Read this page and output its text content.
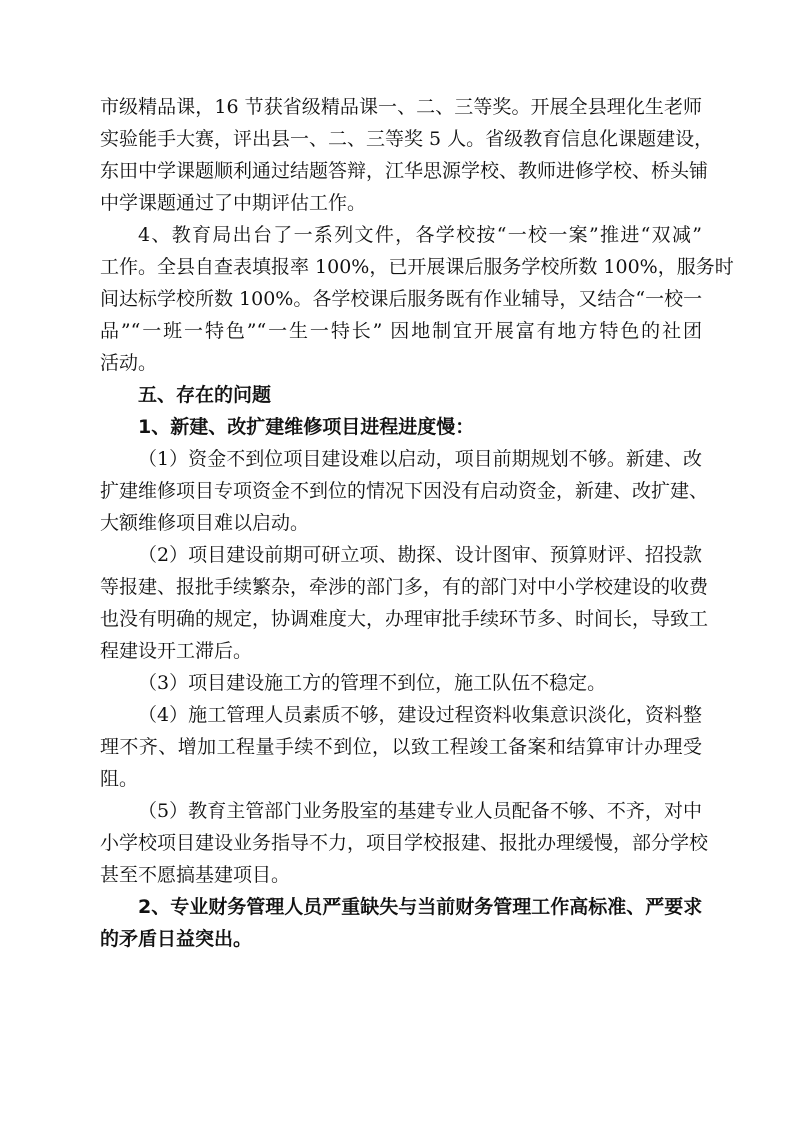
市级精品课，16 节获省级精品课一、二、三等奖。开展全县理化生老师
实验能手大赛，评出县一、二、三等奖 5 人。省级教育信息化课题建设，
东田中学课题顺利通过结题答辩，江华思源学校、教师进修学校、桥头铺
中学课题通过了中期评估工作。
4、教育局出台了一系列文件，各学校按“一校一案”推进“双减”
工作。全县自查表填报率 100%，已开展课后服务学校所数 100%，服务时
间达标学校所数 100%。各学校课后服务既有作业辅导，又结合“一校一
品”“一班一特色”“一生一特长” 因地制宜开展富有地方特色的社团
活动。
五、存在的问题
1、新建、改扩建维修项目进程进度慢：
（1）资金不到位项目建设难以启动，项目前期规划不够。新建、改
扩建维修项目专项资金不到位的情况下因没有启动资金，新建、改扩建、
大额维修项目难以启动。
（2）项目建设前期可研立项、勘探、设计图审、预算财评、招投款
等报建、报批手续繁杂，牵涉的部门多，有的部门对中小学校建设的收费
也没有明确的规定，协调难度大，办理审批手续环节多、时间长，导致工
程建设开工滞后。
（3）项目建设施工方的管理不到位，施工队伍不稳定。
（4）施工管理人员素质不够，建设过程资料收集意识淡化，资料整
理不齐、增加工程量手续不到位，以致工程竣工备案和结算审计办理受
阻。
（5）教育主管部门业务股室的基建专业人员配备不够、不齐，对中
小学校项目建设业务指导不力，项目学校报建、报批办理缓慢，部分学校
甚至不愿搞基建项目。
2、专业财务管理人员严重缺失与当前财务管理工作高标准、严要求
的矛盾日益突出。
